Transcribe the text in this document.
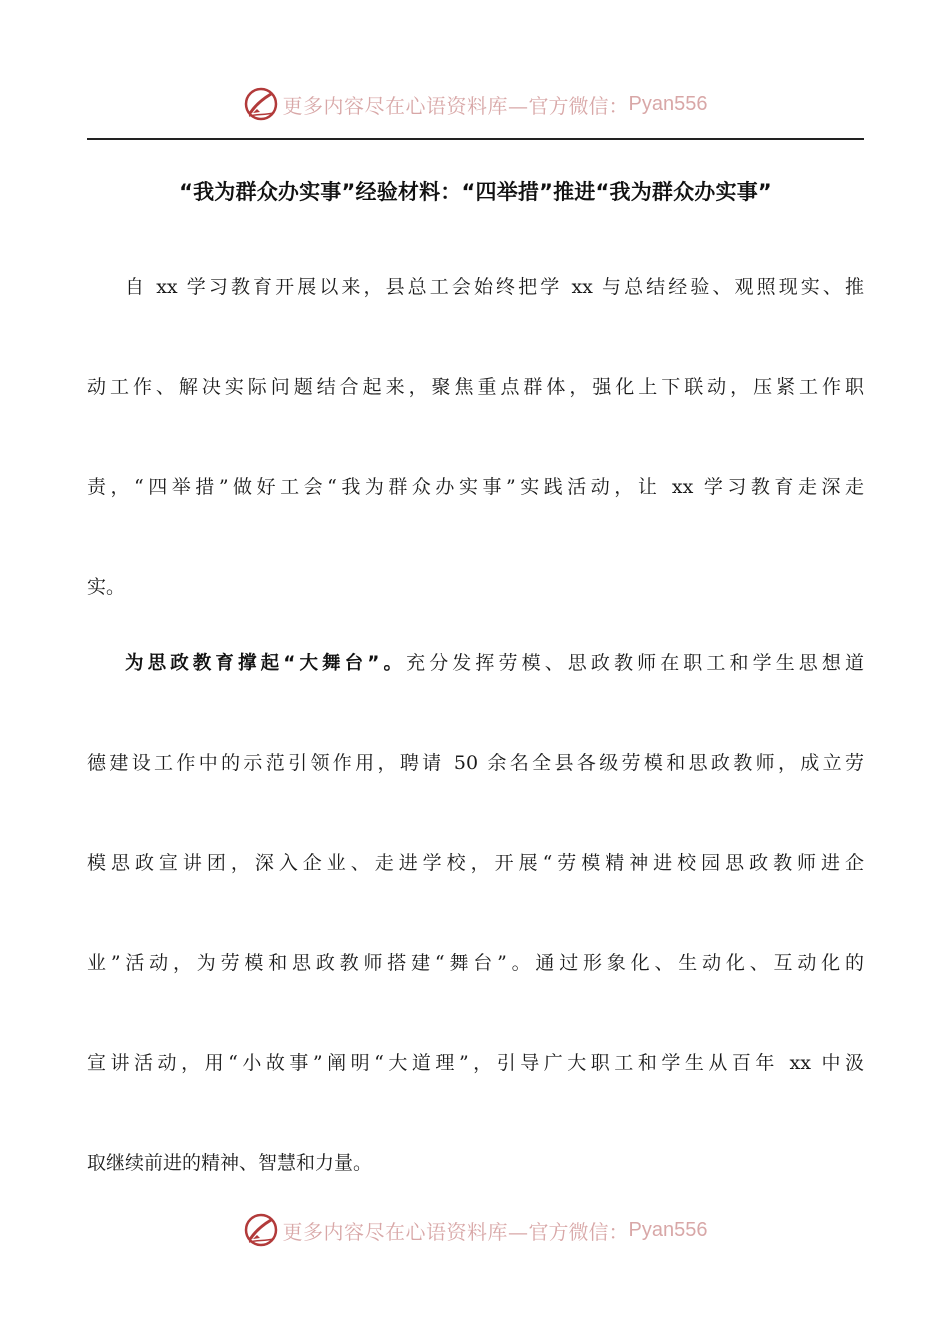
更多内容尽在心语资料库— 官方微信： Pyan556
“我为群众办实事”经验材料：“四举措”推进“我为群众办实事”
自 xx 学习教育开展以来，县总工会始终把学 xx 与总结经验、观照现实、推
动工作、解决实际问题结合起来，聚焦重点群体，强化上下联动，压紧工作职
责，“四举措”做好工会“我为群众办实事”实践活动，让 xx 学习教育走深走
实。
为思政教育撑起“大舞台”。充分发挥劳模、思政教师在职工和学生思想道
德建设工作中的示范引领作用，聘请 50 余名全县各级劳模和思政教师，成立劳
模思政宣讲团，深入企业、走进学校，开展“劳模精神进校园思政教师进企
业”活动，为劳模和思政教师搭建“舞台”。通过形象化、生动化、互动化的
宣讲活动，用“小故事”阐明“大道理”，引导广大职工和学生从百年 xx 中汲
取继续前进的精神、智慧和力量。
更多内容尽在心语资料库— 官方微信： Pyan556
